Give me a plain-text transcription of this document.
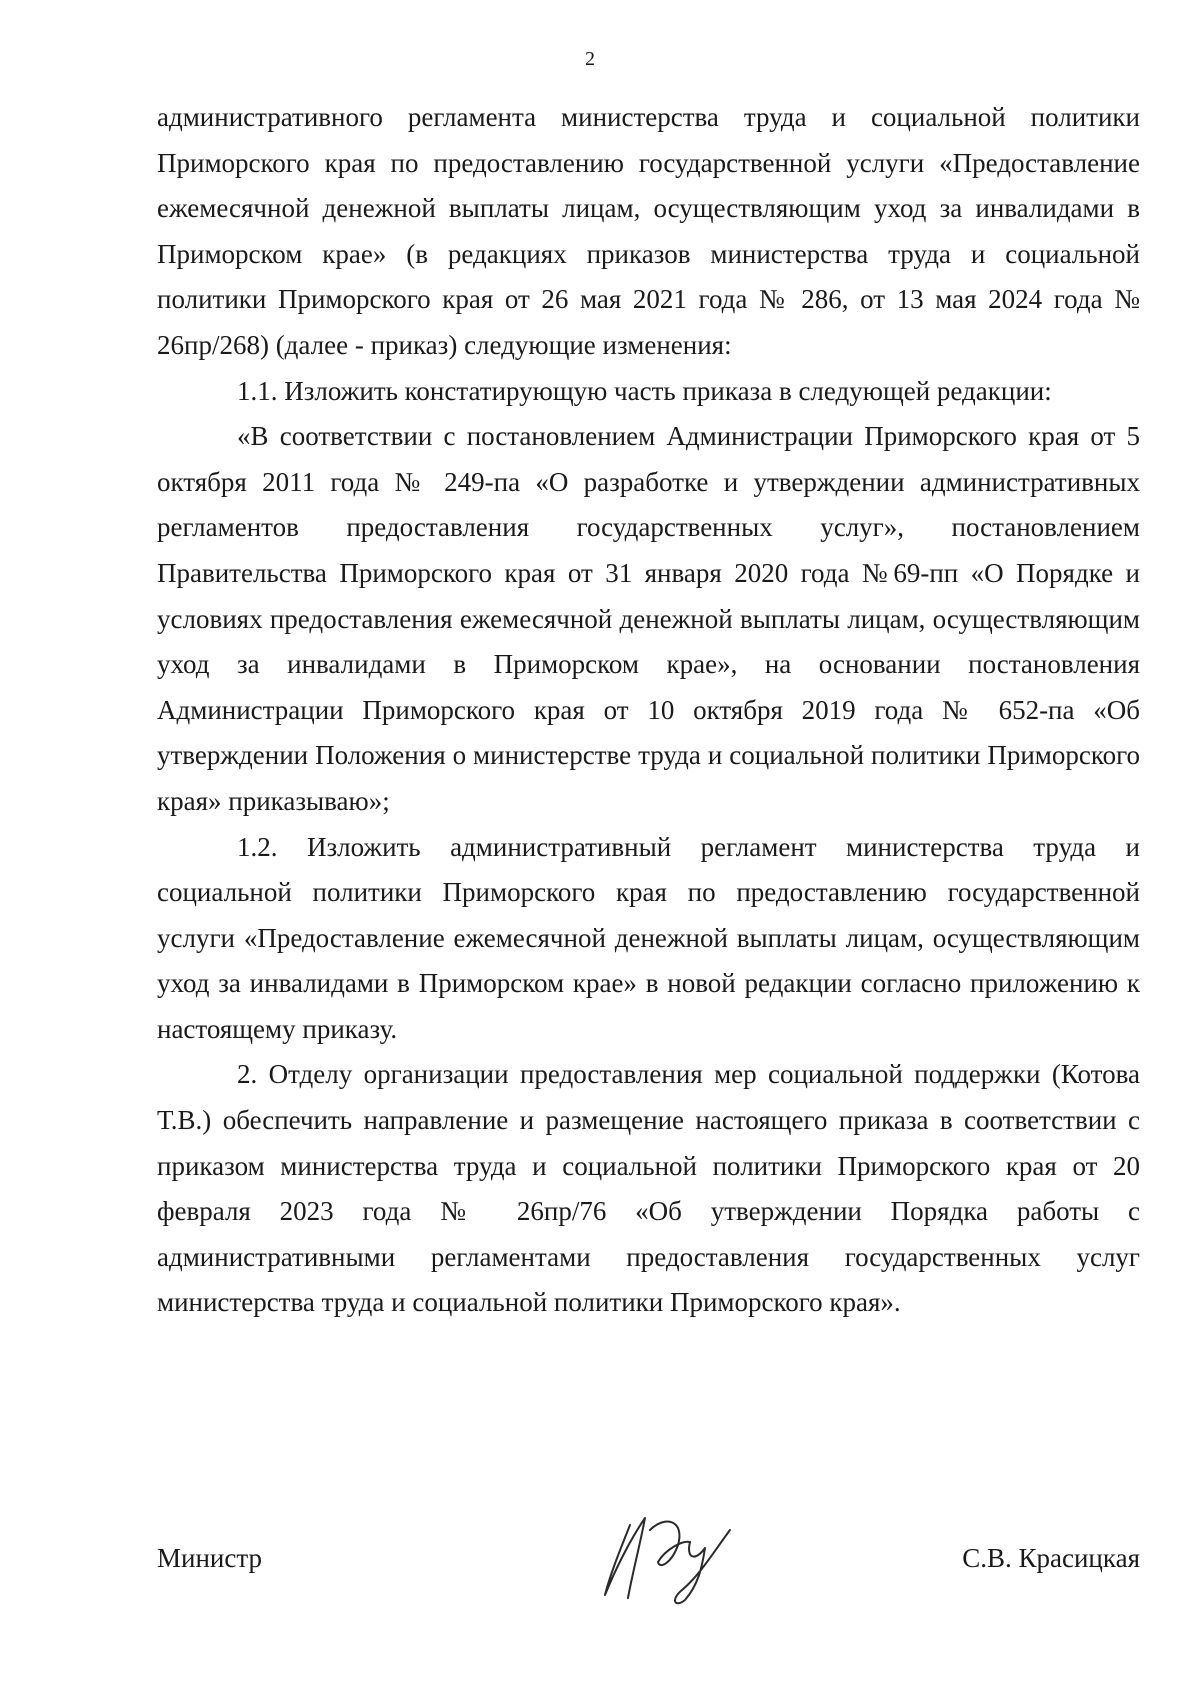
2

административного регламента министерства труда и социальной политики Приморского края по предоставлению государственной услуги «Предоставление ежемесячной денежной выплаты лицам, осуществляющим уход за инвалидами в Приморском крае» (в редакциях приказов министерства труда и социальной политики Приморского края от 26 мая 2021 года № 286, от 13 мая 2024 года № 26пр/268) (далее - приказ) следующие изменения:

1.1. Изложить констатирующую часть приказа в следующей редакции:

«В соответствии с постановлением Администрации Приморского края от 5 октября 2011 года № 249-па «О разработке и утверждении административных регламентов предоставления государственных услуг», постановлением Правительства Приморского края от 31 января 2020 года №69-пп «О Порядке и условиях предоставления ежемесячной денежной выплаты лицам, осуществляющим уход за инвалидами в Приморском крае», на основании постановления Администрации Приморского края от 10 октября 2019 года № 652-па «Об утверждении Положения о министерстве труда и социальной политики Приморского края» приказываю»;

1.2. Изложить административный регламент министерства труда и социальной политики Приморского края по предоставлению государственной услуги «Предоставление ежемесячной денежной выплаты лицам, осуществляющим уход за инвалидами в Приморском крае» в новой редакции согласно приложению к настоящему приказу.

2. Отделу организации предоставления мер социальной поддержки (Котова Т.В.) обеспечить направление и размещение настоящего приказа в соответствии с приказом министерства труда и социальной политики Приморского края от 20 февраля 2023 года № 26пр/76 «Об утверждении Порядка работы с административными регламентами предоставления государственных услуг министерства труда и социальной политики Приморского края».

Министр	С.В. Красицкая
